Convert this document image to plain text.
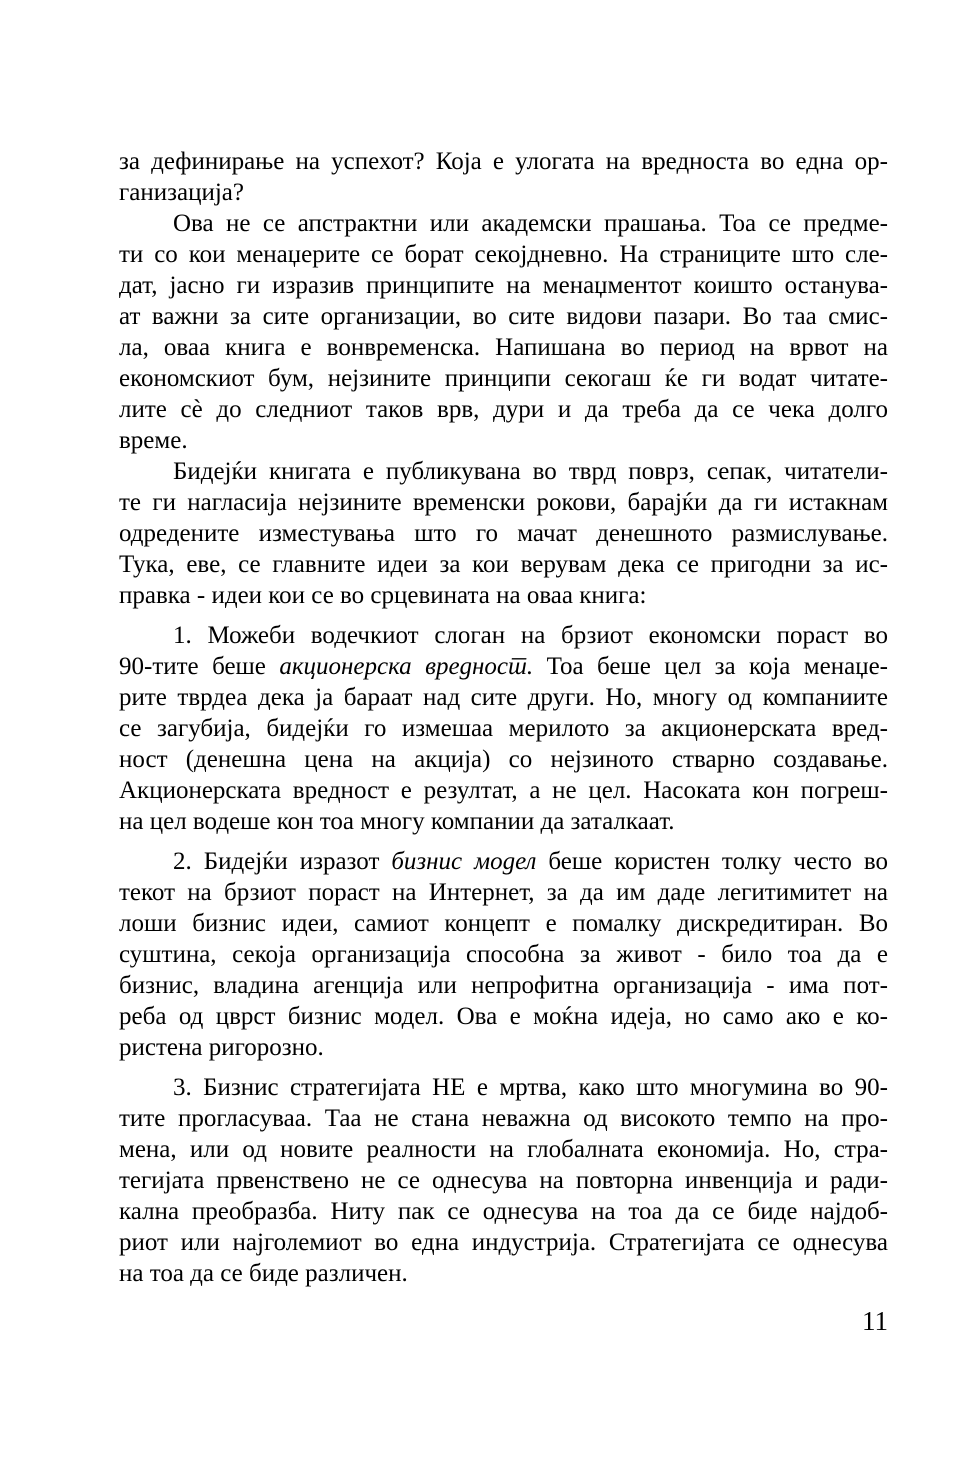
за дефинирање на успехот? Која е улогата на вредноста во една ор-
ганизација?
Ова не се апстрактни или академски прашања. Тоа се предме-
ти со кои менаџерите се борат секојдневно. На страниците што сле-
дат, јасно ги изразив принципите на менаџментот коишто останува-
ат важни за сите организации, во сите видови пазари. Во таа смис-
ла, оваа книга е вонвременска. Напишана во период на врвот на
економскиот бум, нејзините принципи секогаш ќе ги водат читате-
лите сè до следниот таков врв, дури и да треба да се чека долго
време.
Бидејќи книгата е публикувана во тврд поврз, сепак, читатели-
те ги нагласија нејзините временски рокови, барајќи да ги истакнам
одредените изместувања што го мачат денешното размислување.
Тука, еве, се главните идеи за кои верувам дека се пригодни за ис-
правка - идеи кои се во срцевината на оваа книга:
1. Можеби водечкиот слоган на брзиот економски пораст во
90-тите беше акционерска вредност. Тоа беше цел за која менаџе-
рите тврдеа дека ја бараат над сите други. Но, многу од компаниите
се загубија, бидејќи го измешаа мерилото за акционерската вред-
ност (денешна цена на акција) со нејзиното стварно создавање.
Акционерската вредност е резултат, а не цел. Насоката кон погреш-
на цел водеше кон тоа многу компании да заталкаат.
2. Бидејќи изразот бизнис модел беше користен толку често во
текот на брзиот пораст на Интернет, за да им даде легитимитет на
лоши бизнис идеи, самиот концепт е помалку дискредитиран. Во
суштина, секоја организација способна за живот - било тоа да е
бизнис, владина агенција или непрофитна организација - има пот-
реба од цврст бизнис модел. Ова е моќна идеја, но само ако е ко-
ристена ригорозно.
3. Бизнис стратегијата НЕ е мртва, како што многумина во 90-
тите прогласуваа. Таа не стана неважна од високото темпо на про-
мена, или од новите реалности на глобалната економија. Но, стра-
тегијата првенствено не се однесува на повторна инвенција и ради-
кална преобразба. Ниту пак се однесува на тоа да се биде најдоб-
риот или најголемиот во една индустрија. Стратегијата се однесува
на тоа да се биде различен.
11
